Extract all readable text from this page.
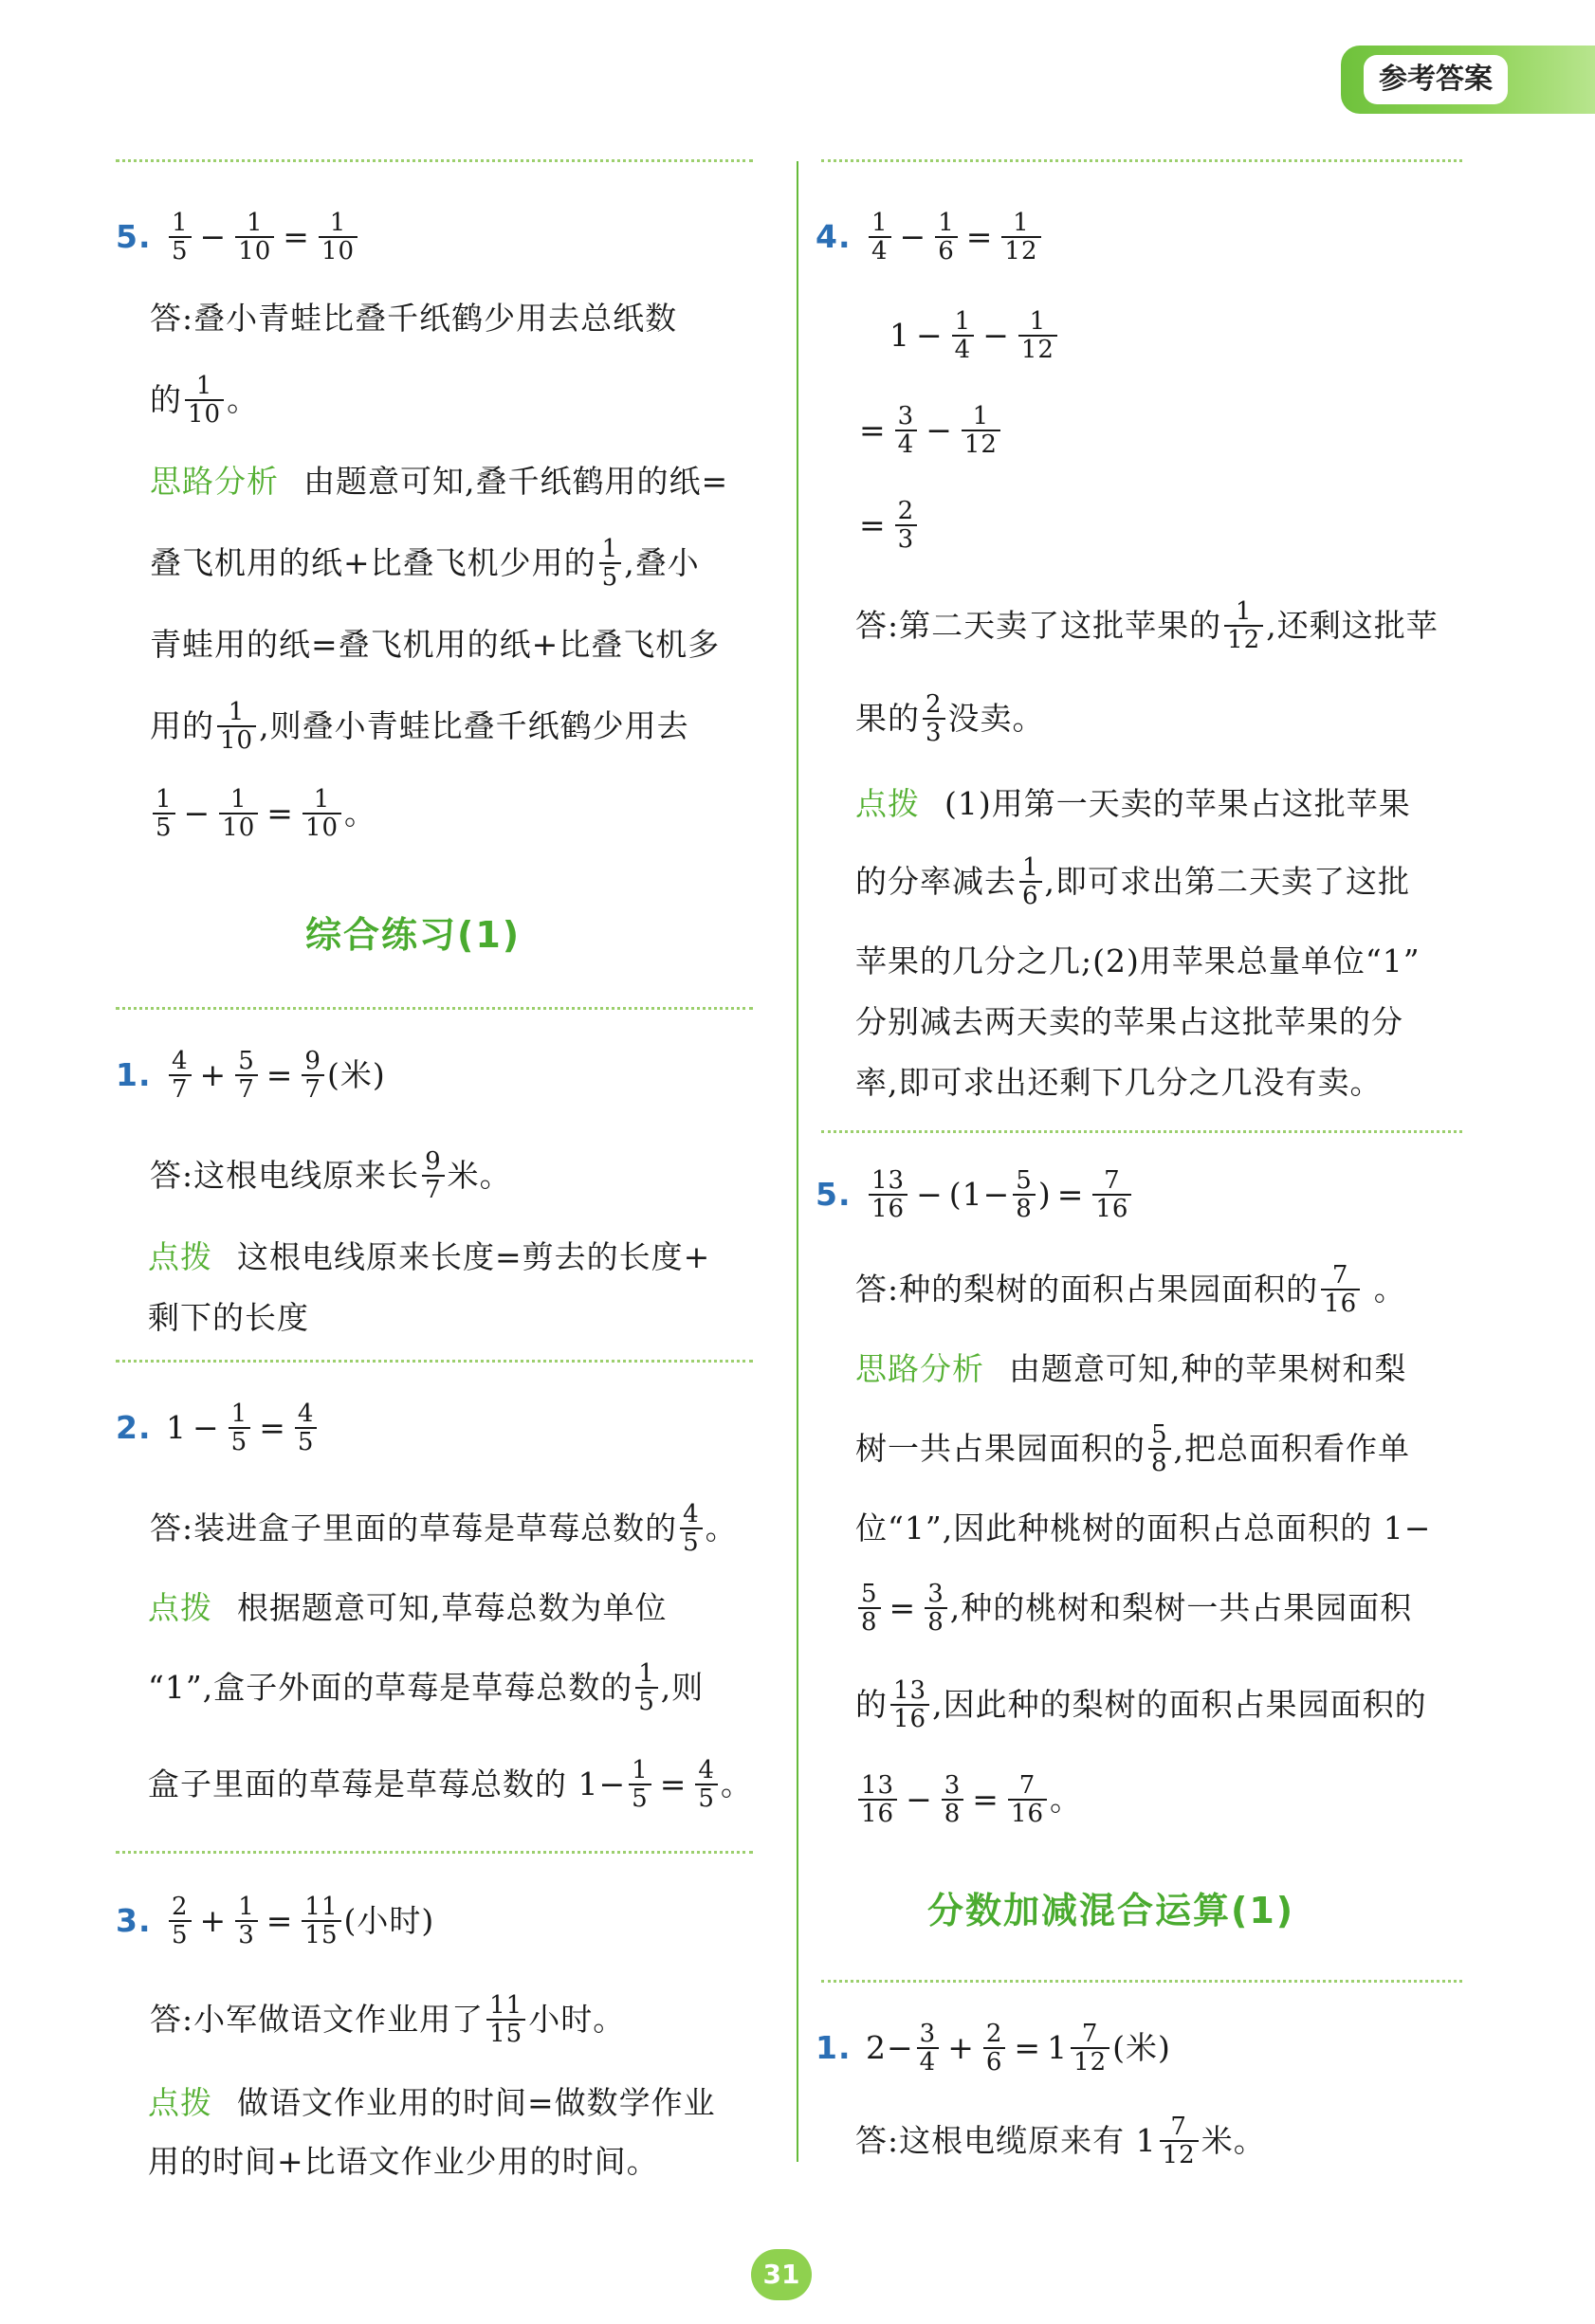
参考答案
5. $\frac{1}{5} - \frac{1}{10} = \frac{1}{10}$
答:叠小青蛙比叠千纸鹤少用去总纸数
的 $\frac{1}{10}$ 。
思路分析 由题意可知,叠千纸鹤用的纸=
叠飞机用的纸+比叠飞机少用的 $\frac{1}{5}$ ,叠小
青蛙用的纸=叠飞机用的纸+比叠飞机多
用的 $\frac{1}{10}$ ,则叠小青蛙比叠千纸鹤少用去
$\frac{1}{5} - \frac{1}{10} = \frac{1}{10}$ 。
综合练习(1)
1. $\frac{4}{7} + \frac{5}{7} = \frac{9}{7}$ (米)
答:这根电线原来长 $\frac{9}{7}$ 米。
点拨 这根电线原来长度=剪去的长度+
剩下的长度
2. $1 - \frac{1}{5} = \frac{4}{5}$
答:装进盒子里面的草莓是草莓总数的 $\frac{4}{5}$ 。
点拨 根据题意可知,草莓总数为单位
“1”,盒子外面的草莓是草莓总数的 $\frac{1}{5}$ ,则
盒子里面的草莓是草莓总数的 $1- \frac{1}{5} = \frac{4}{5}$ 。
3. $\frac{2}{5} + \frac{1}{3} = \frac{11}{15}$ (小时)
答:小军做语文作业用了 $\frac{11}{15}$ 小时。
点拨 做语文作业用的时间=做数学作业
用的时间+比语文作业少用的时间。
4. $\frac{1}{4} - \frac{1}{6} = \frac{1}{12}$
$1 - \frac{1}{4} - \frac{1}{12}$
= $\frac{3}{4} - \frac{1}{12}$
= $\frac{2}{3}$
答:第二天卖了这批苹果的 $\frac{1}{12}$ ,还剩这批苹
果的 $\frac{2}{3}$ 没卖。
点拨 (1)用第一天卖的苹果占这批苹果
的分率减去 $\frac{1}{6}$ ,即可求出第二天卖了这批
苹果的几分之几;(2)用苹果总量单位“1”
分别减去两天卖的苹果占这批苹果的分
率,即可求出还剩下几分之几没有卖。
5. $\frac{13}{16} - (1- \frac{5}{8}$ ) = $\frac{7}{16}$
答:种的梨树的面积占果园面积的 $\frac{7}{16}$ 。
思路分析 由题意可知,种的苹果树和梨
树一共占果园面积的 $\frac{5}{8}$ ,把总面积看作单
位“1”,因此种桃树的面积占总面积的 1−
$\frac{5}{8} = \frac{3}{8}$ ,种的桃树和梨树一共占果园面积
的 $\frac{13}{16}$ ,因此种的梨树的面积占果园面积的
$\frac{13}{16} - \frac{3}{8} = \frac{7}{16}$ 。
分数加减混合运算(1)
1. $2- \frac{3}{4} + \frac{2}{6} = 1 \frac{7}{12}$ (米)
答:这根电缆原来有 $1 \frac{7}{12}$ 米。
31
